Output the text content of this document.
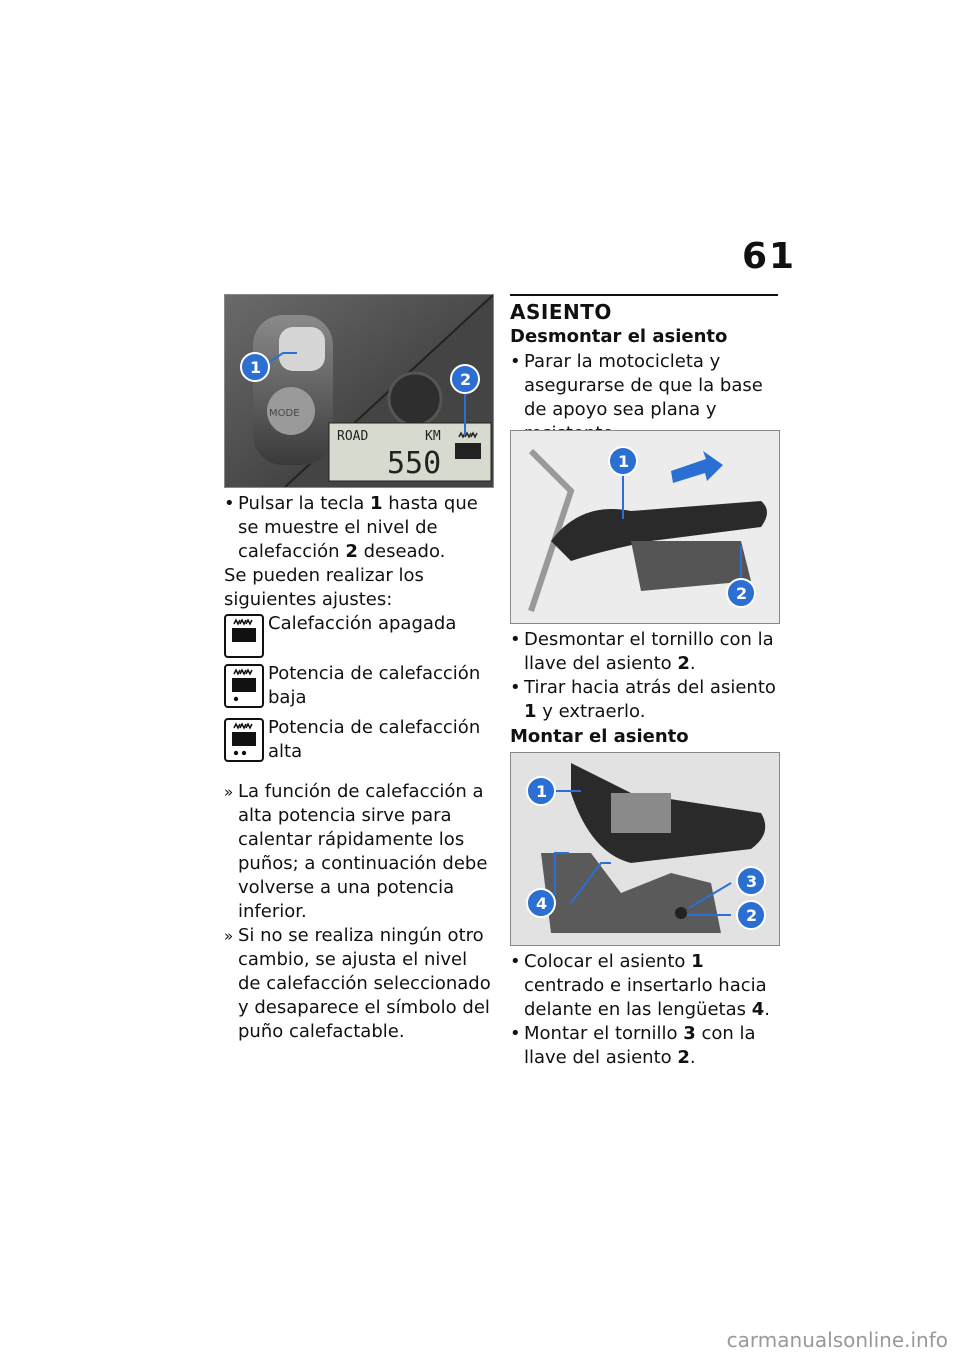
61
ROAD	KM
550
MODE
1
2

• Pulsar la tecla 1 hasta que se muestre el nivel de calefacción 2 deseado.

Se pueden realizar los siguientes ajustes:

Calefacción apagada
Potencia de calefacción baja
Potencia de calefacción alta

» La función de calefacción a alta potencia sirve para calentar rápidamente los puños; a continuación debe volverse a una potencia inferior.

» Si no se realiza ningún otro cambio, se ajusta el nivel de calefacción seleccionado y desaparece el símbolo del puño calefactable.

ASIENTO
Desmontar el asiento

• Parar la motocicleta y asegurarse de que la base de apoyo sea plana y

1
2

• Desmontar el tornillo con la llave del asiento 2.

• Tirar hacia atrás del asiento 1 y extraerlo.

Montar el asiento
1
4
3
2

• Colocar el asiento 1 centrado e insertarlo hacia delante en las lengüetas 4.

• Montar el tornillo 3 con la llave del asiento 2.

carmanualsonline.info
